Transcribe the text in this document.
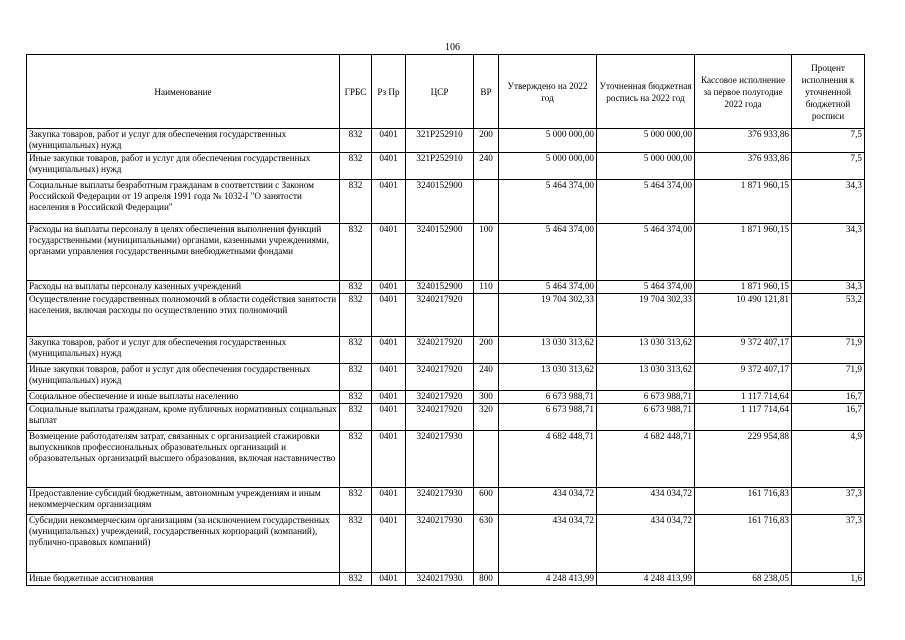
106
Наименование	ГРБС	Рз Пр	ЦСР	ВР	Утверждено на 2022 год	Уточненная бюджетная роспись на 2022 год	Кассовое исполнение за первое полугодие 2022 года	Процент исполнения к уточненной бюджетной росписи
Закупка товаров, работ и услуг для обеспечения государственных (муниципальных) нужд	832	0401	321Р252910	200	5 000 000,00	5 000 000,00	376 933,86	7,5
Иные закупки товаров, работ и услуг для обеспечения государственных (муниципальных) нужд	832	0401	321Р252910	240	5 000 000,00	5 000 000,00	376 933,86	7,5
Социальные выплаты безработным гражданам в соответствии с Законом Российской Федерации от 19 апреля 1991 года № 1032-I "О занятости населения в Российской Федерации"	832	0401	3240152900		5 464 374,00	5 464 374,00	1 871 960,15	34,3
Расходы на выплаты персоналу в целях обеспечения выполнения функций государственными (муниципальными) органами, казенными учреждениями, органами управления государственными внебюджетными фондами	832	0401	3240152900	100	5 464 374,00	5 464 374,00	1 871 960,15	34,3
Расходы на выплаты персоналу казенных учреждений	832	0401	3240152900	110	5 464 374,00	5 464 374,00	1 871 960,15	34,3
Осуществление государственных полномочий в области содействия занятости населения, включая расходы по осуществлению этих полномочий	832	0401	3240217920		19 704 302,33	19 704 302,33	10 490 121,81	53,2
Закупка товаров, работ и услуг для обеспечения государственных (муниципальных) нужд	832	0401	3240217920	200	13 030 313,62	13 030 313,62	9 372 407,17	71,9
Иные закупки товаров, работ и услуг для обеспечения государственных (муниципальных) нужд	832	0401	3240217920	240	13 030 313,62	13 030 313,62	9 372 407,17	71,9
Социальное обеспечение и иные выплаты населению	832	0401	3240217920	300	6 673 988,71	6 673 988,71	1 117 714,64	16,7
Социальные выплаты гражданам, кроме публичных нормативных социальных выплат	832	0401	3240217920	320	6 673 988,71	6 673 988,71	1 117 714,64	16,7
Возмещение работодателям затрат, связанных с организацией стажировки выпускников профессиональных образовательных организаций и образовательных организаций высшего образования, включая наставничество	832	0401	3240217930		4 682 448,71	4 682 448,71	229 954,88	4,9
Предоставление субсидий бюджетным, автономным учреждениям и иным некоммерческим организациям	832	0401	3240217930	600	434 034,72	434 034,72	161 716,83	37,3
Субсидии некоммерческим организациям (за исключением государственных (муниципальных) учреждений, государственных корпораций (компаний), публично-правовых компаний)	832	0401	3240217930	630	434 034,72	434 034,72	161 716,83	37,3
Иные бюджетные ассигнования	832	0401	3240217930	800	4 248 413,99	4 248 413,99	68 238,05	1,6
